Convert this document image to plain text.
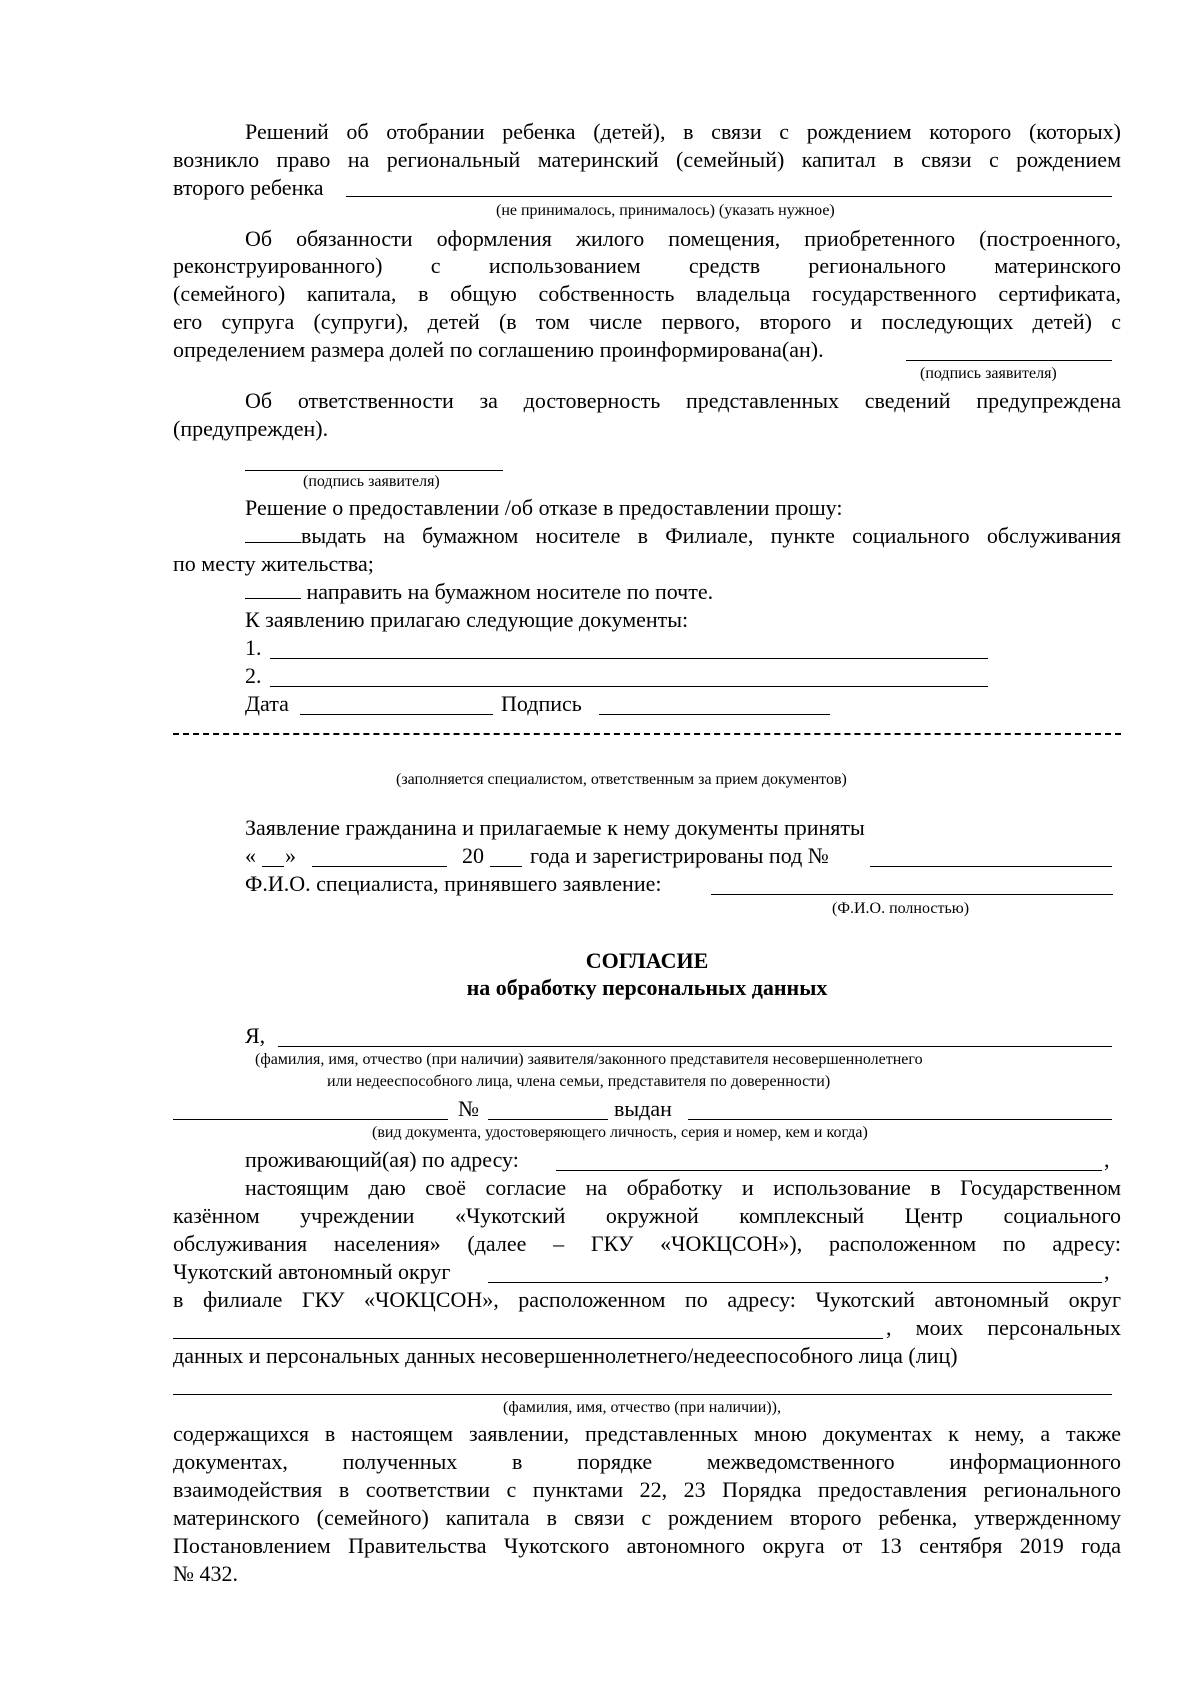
Решений об отобрании ребенка (детей), в связи с рождением которого (которых)
возникло право на региональный материнский (семейный) капитал в связи с рождением
второго ребенка
(не принималось, принималось) (указать нужное)
Об обязанности оформления жилого помещения, приобретенного (построенного,
реконструированного) с использованием средств регионального материнского
(семейного) капитала, в общую собственность владельца государственного сертификата,
его супруга (супруги), детей (в том числе первого, второго и последующих детей) с
определением размера долей по соглашению проинформирована(ан).
(подпись заявителя)
Об ответственности за достоверность представленных сведений предупреждена
(предупрежден).
(подпись заявителя)
Решение о предоставлении /об отказе в предоставлении прошу:
выдать на бумажном носителе в Филиале, пункте социального обслуживания
по месту жительства;
направить на бумажном носителе по почте.
К заявлению прилагаю следующие документы:
1.
2.
Дата	Подпись
(заполняется специалистом, ответственным за прием документов)
Заявление гражданина и прилагаемые к нему документы приняты
«	»	20	года и зарегистрированы под №
Ф.И.О. специалиста, принявшего заявление:
(Ф.И.О. полностью)
СОГЛАСИЕ
на обработку персональных данных
Я,
(фамилия, имя, отчество (при наличии) заявителя/законного представителя несовершеннолетнего
или недееспособного лица, члена семьи, представителя по доверенности)
№	выдан
(вид документа, удостоверяющего личность, серия и номер, кем и когда)
проживающий(ая) по адресу:	,
настоящим даю своё согласие на обработку и использование в Государственном
казённом учреждении «Чукотский окружной комплексный Центр социального
обслуживания населения» (далее – ГКУ «ЧОКЦСОН»), расположенном по адресу:
Чукотский автономный округ	,
в филиале ГКУ «ЧОКЦСОН», расположенном по адресу: Чукотский автономный округ
, моих персональных
данных и персональных данных несовершеннолетнего/недееспособного лица (лиц)
(фамилия, имя, отчество (при наличии)),
содержащихся в настоящем заявлении, представленных мною документах к нему, а также
документах, полученных в порядке межведомственного информационного
взаимодействия в соответствии с пунктами 22, 23 Порядка предоставления регионального
материнского (семейного) капитала в связи с рождением второго ребенка, утвержденному
Постановлением Правительства Чукотского автономного округа от 13 сентября 2019 года
№ 432.
